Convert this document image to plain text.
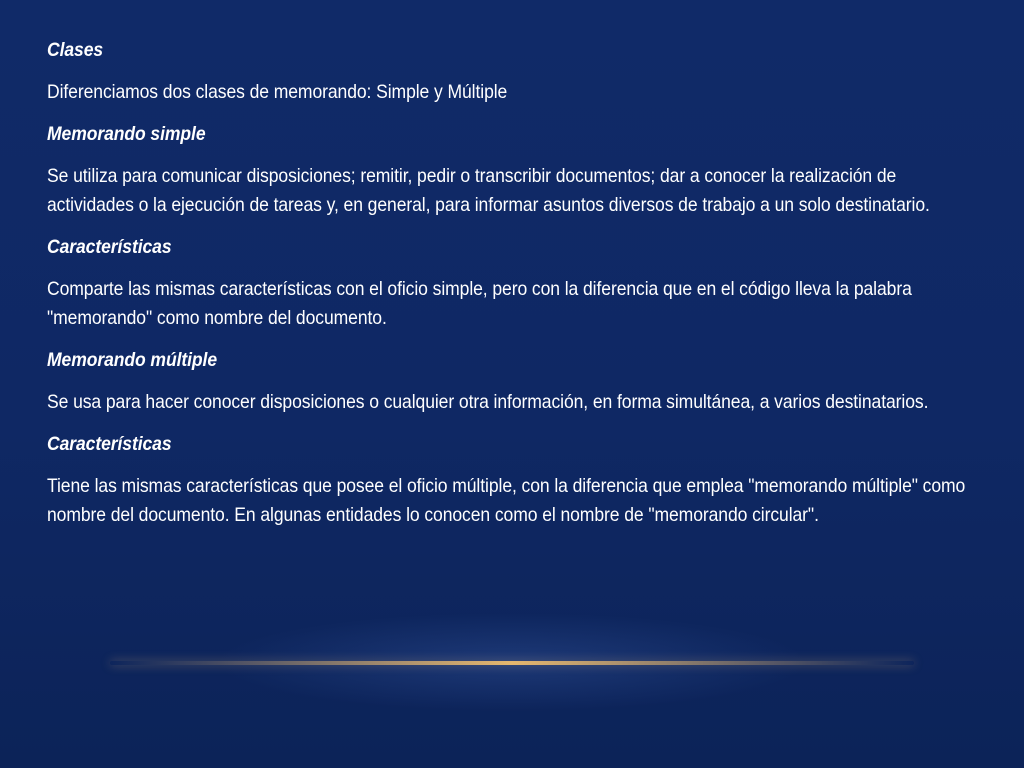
Clases

Diferenciamos dos clases de memorando: Simple y Múltiple

Memorando simple

Se utiliza para comunicar disposiciones; remitir, pedir o transcribir documentos; dar a conocer la realización de actividades o la ejecución de tareas y, en general, para informar asuntos diversos de trabajo a un solo destinatario.

Características

Comparte las mismas características con el oficio simple, pero con la diferencia que en el código lleva la palabra "memorando" como nombre del documento.

Memorando múltiple

Se usa para hacer conocer disposiciones o cualquier otra información, en forma simultánea, a varios destinatarios.

Características

Tiene las mismas características que posee el oficio múltiple, con la diferencia que emplea "memorando múltiple" como nombre del documento. En algunas entidades lo conocen como el nombre de "memorando circular".
